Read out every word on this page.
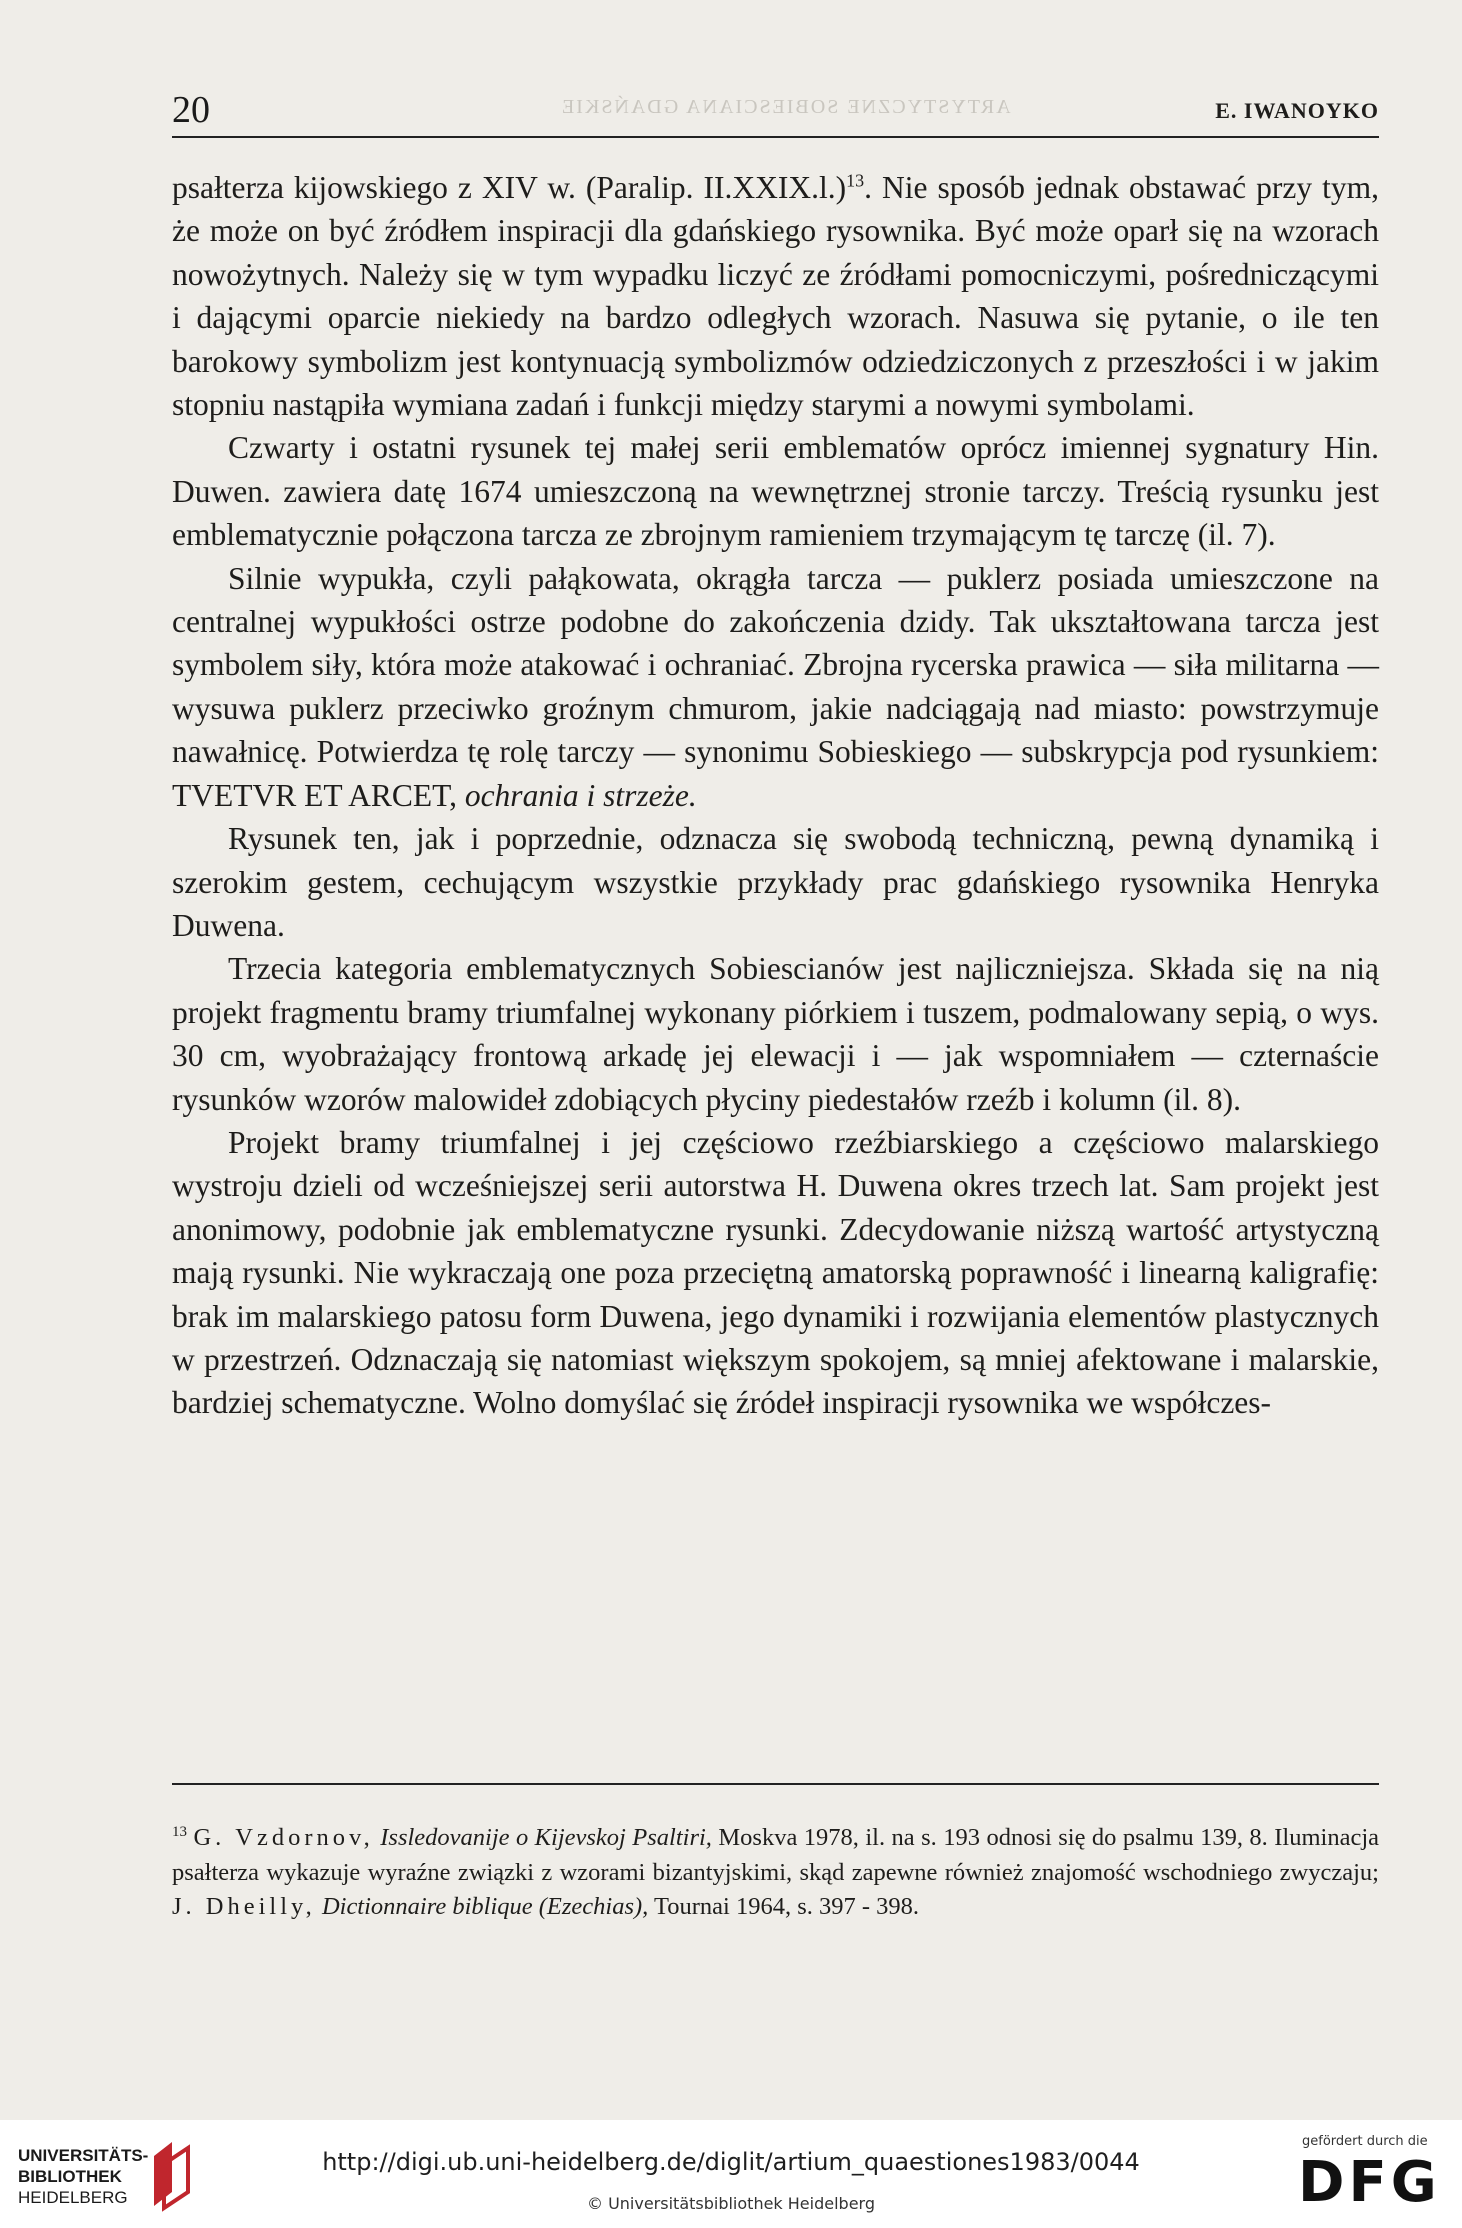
ARTYSTYCZNE SOBIESCIANA GDAŃSKIE
20	E. IWANOYKO

psałterza kijowskiego z XIV w. (Paralip. II.XXIX.l.)$^{13}$. Nie sposób jednak obstawać przy tym, że może on być źródłem inspiracji dla gdańskiego rysownika. Być może oparł się na wzorach nowożytnych. Należy się w tym wypadku liczyć ze źródłami pomocniczymi, pośredniczącymi i dającymi oparcie niekiedy na bardzo odległych wzorach. Nasuwa się pytanie, o ile ten barokowy symbolizm jest kontynuacją symbolizmów odziedziczonych z przeszłości i w jakim stopniu nastąpiła wymiana zadań i funkcji między starymi a nowymi symbolami.

Czwarty i ostatni rysunek tej małej serii emblematów oprócz imiennej sygnatury Hin. Duwen. zawiera datę 1674 umieszczoną na wewnętrznej stronie tarczy. Treścią rysunku jest emblematycznie połączona tarcza ze zbrojnym ramieniem trzymającym tę tarczę (il. 7).

Silnie wypukła, czyli pałąkowata, okrągła tarcza — puklerz posiada umieszczone na centralnej wypukłości ostrze podobne do zakończenia dzidy. Tak ukształtowana tarcza jest symbolem siły, która może atakować i ochraniać. Zbrojna rycerska prawica — siła militarna — wysuwa puklerz przeciwko groźnym chmurom, jakie nadciągają nad miasto: powstrzymuje nawałnicę. Potwierdza tę rolę tarczy — synonimu Sobieskiego — subskrypcja pod rysunkiem: TVETVR ET ARCET, ochrania i strzeże.

Rysunek ten, jak i poprzednie, odznacza się swobodą techniczną, pewną dynamiką i szerokim gestem, cechującym wszystkie przykłady prac gdańskiego rysownika Henryka Duwena.

Trzecia kategoria emblematycznych Sobiescianów jest najliczniejsza. Składa się na nią projekt fragmentu bramy triumfalnej wykonany piórkiem i tuszem, podmalowany sepią, o wys. 30 cm, wyobrażający frontową arkadę jej elewacji i — jak wspomniałem — czternaście rysunków wzorów malowideł zdobiących płyciny piedestałów rzeźb i kolumn (il. 8).

Projekt bramy triumfalnej i jej częściowo rzeźbiarskiego a częściowo malarskiego wystroju dzieli od wcześniejszej serii autorstwa H. Duwena okres trzech lat. Sam projekt jest anonimowy, podobnie jak emblematyczne rysunki. Zdecydowanie niższą wartość artystyczną mają rysunki. Nie wykraczają one poza przeciętną amatorską poprawność i linearną kaligrafię: brak im malarskiego patosu form Duwena, jego dynamiki i rozwijania elementów plastycznych w przestrzeń. Odznaczają się natomiast większym spokojem, są mniej afektowane i malarskie, bardziej schematyczne. Wolno domyślać się źródeł inspiracji rysownika we współczes-

$^{13}$ G. Vzdornov, Issledovanije o Kijevskoj Psaltiri, Moskva 1978, il. na s. 193 odnosi się do psalmu 139, 8. Iluminacja psałterza wykazuje wyraźne związki z wzorami bizantyjskimi, skąd zapewne również znajomość wschodniego zwyczaju; J. Dheilly, Dictionnaire biblique (Ezechias), Tournai 1964, s. 397 - 398.

UNIVERSITÄTS-
BIBLIOTHEK
HEIDELBERG
http://digi.ub.uni-heidelberg.de/diglit/artium_quaestiones1983/0044
© Universitätsbibliothek Heidelberg
gefördert durch die
DFG
